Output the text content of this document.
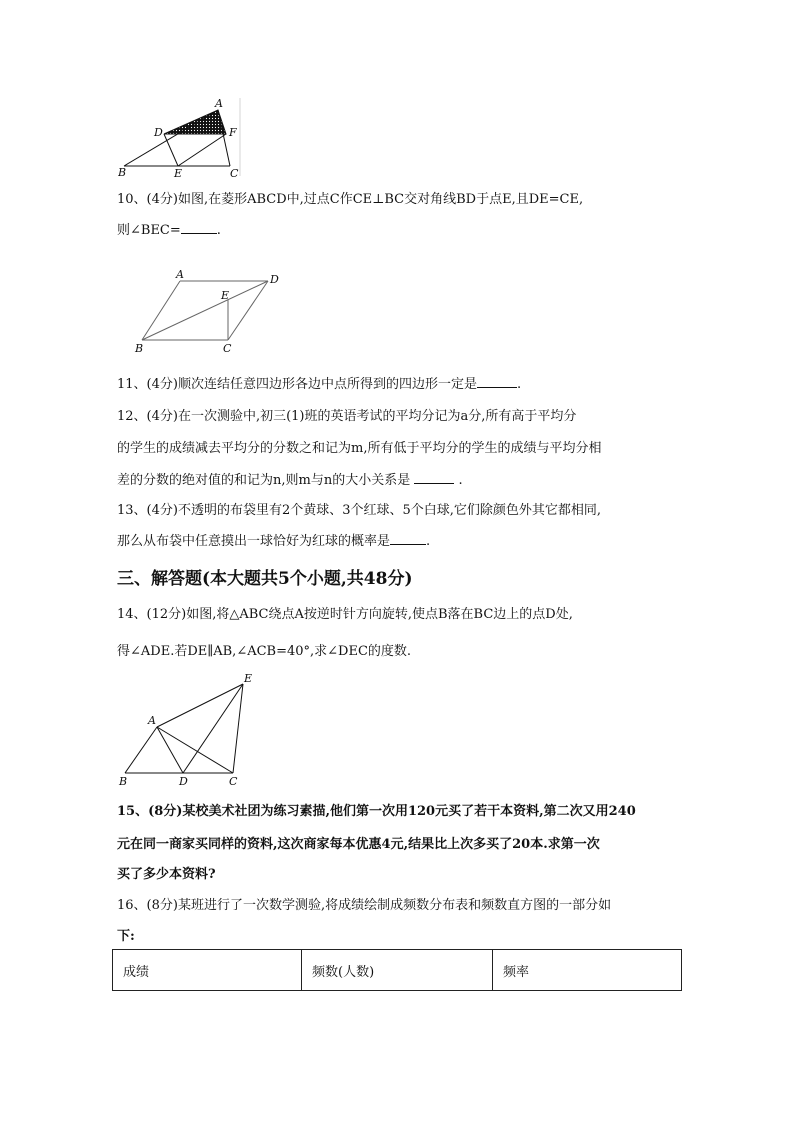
A
D	F
B	E	C
10、(4分)如图,在菱形ABCD中,过点C作CE⊥BC交对角线BD于点E,且DE=CE,
则∠BEC=	.
A	D
E
B	C
11、(4分)顺次连结任意四边形各边中点所得到的四边形一定是	.
12、(4分)在一次测验中,初三(1)班的英语考试的平均分记为a分,所有高于平均分
的学生的成绩减去平均分的分数之和记为m,所有低于平均分的学生的成绩与平均分相
差的分数的绝对值的和记为n,则m与n的大小关系是	.
13、(4分)不透明的布袋里有2个黄球、3个红球、5个白球,它们除颜色外其它都相同,
那么从布袋中任意摸出一球恰好为红球的概率是	.
三、解答题(本大题共5个小题,共48分)
14、(12分)如图,将△ABC绕点A按逆时针方向旋转,使点B落在BC边上的点D处,
得∠ADE.若DE∥AB,∠ACB=40°,求∠DEC的度数.
E
A
B	D	C
15、(8分)某校美术社团为练习素描,他们第一次用120元买了若干本资料,第二次又用240
元在同一商家买同样的资料,这次商家每本优惠4元,结果比上次多买了20本.求第一次
买了多少本资料?
16、(8分)某班进行了一次数学测验,将成绩绘制成频数分布表和频数直方图的一部分如
下:
成绩	频数(人数)	频率
